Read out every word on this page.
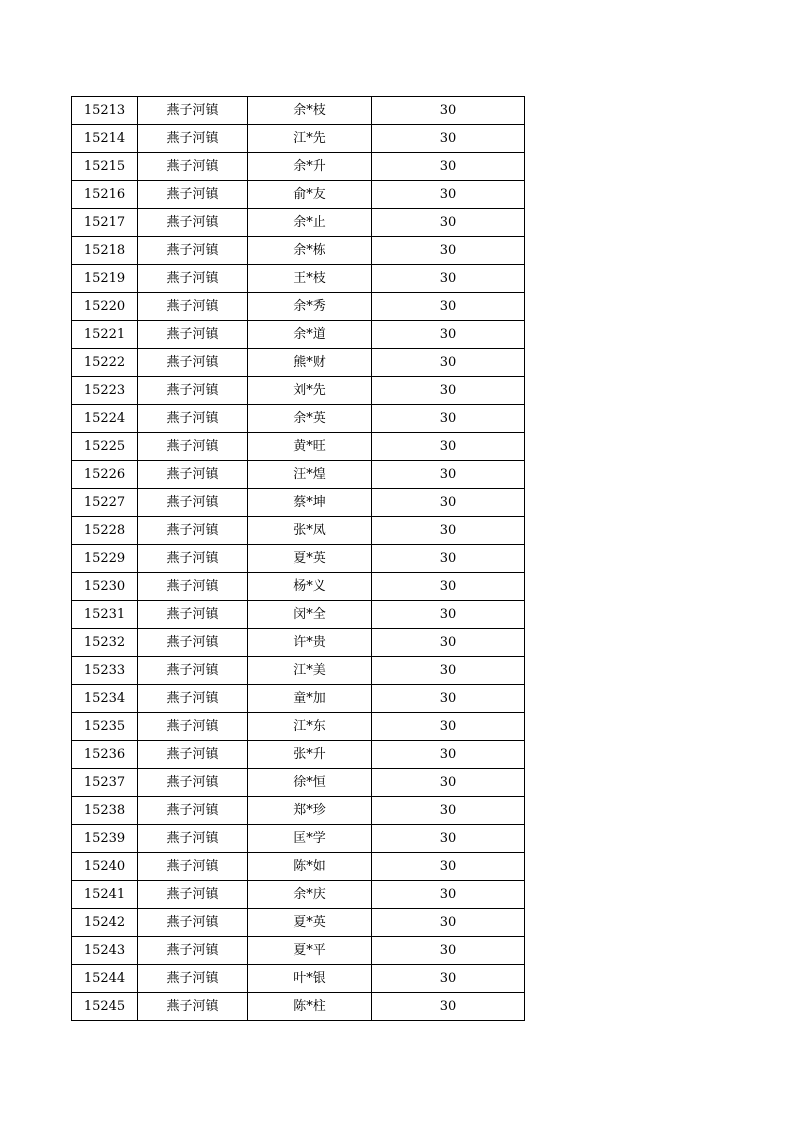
15213	燕子河镇	余*枝	30
15214	燕子河镇	江*先	30
15215	燕子河镇	余*升	30
15216	燕子河镇	俞*友	30
15217	燕子河镇	余*止	30
15218	燕子河镇	余*栋	30
15219	燕子河镇	王*枝	30
15220	燕子河镇	余*秀	30
15221	燕子河镇	余*道	30
15222	燕子河镇	熊*财	30
15223	燕子河镇	刘*先	30
15224	燕子河镇	余*英	30
15225	燕子河镇	黄*旺	30
15226	燕子河镇	汪*煌	30
15227	燕子河镇	蔡*坤	30
15228	燕子河镇	张*凤	30
15229	燕子河镇	夏*英	30
15230	燕子河镇	杨*义	30
15231	燕子河镇	闵*全	30
15232	燕子河镇	许*贵	30
15233	燕子河镇	江*美	30
15234	燕子河镇	童*加	30
15235	燕子河镇	江*东	30
15236	燕子河镇	张*升	30
15237	燕子河镇	徐*恒	30
15238	燕子河镇	郑*珍	30
15239	燕子河镇	匡*学	30
15240	燕子河镇	陈*如	30
15241	燕子河镇	余*庆	30
15242	燕子河镇	夏*英	30
15243	燕子河镇	夏*平	30
15244	燕子河镇	叶*银	30
15245	燕子河镇	陈*柱	30
